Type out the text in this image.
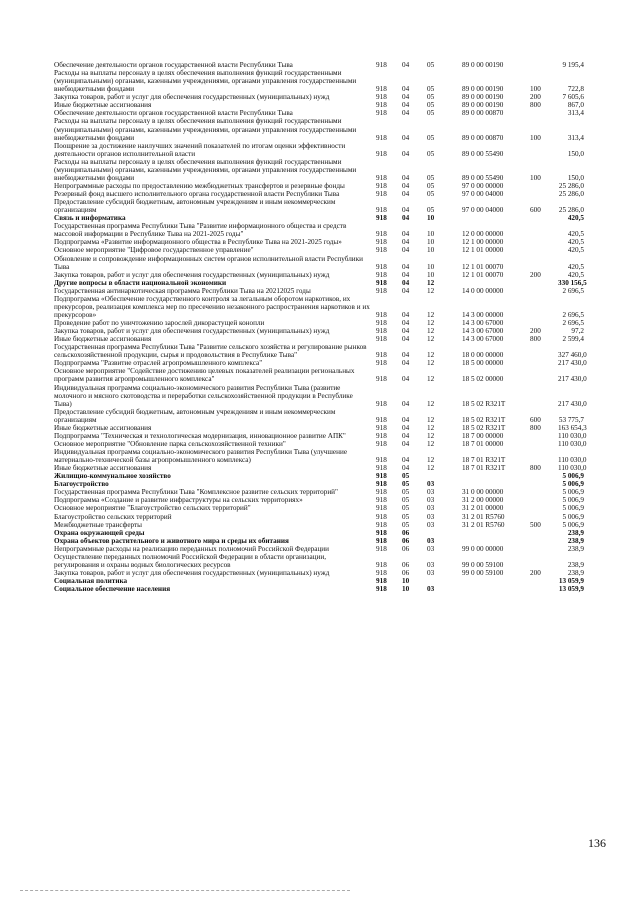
Обеспечение деятельности органов государственной власти Республики Тыва	918	04	05	89 0 00 00190	9 195,4
Расходы на выплаты персоналу в целях обеспечения выполнения функций государственными (муниципальными) органами, казенными учреждениями, органами управления государственными внебюджетными фондами	918	04	05	89 0 00 00190	100	722,8
Закупка товаров, работ и услуг для обеспечения государственных (муниципальных) нужд	918	04	05	89 0 00 00190	200	7 605,6
Иные бюджетные ассигнования	918	04	05	89 0 00 00190	800	867,0
Обеспечение деятельности органов государственной власти Республики Тыва	918	04	05	89 0 00 00870	313,4
Расходы на выплаты персоналу в целях обеспечения выполнения функций государственными (муниципальными) органами, казенными учреждениями, органами управления государственными внебюджетными фондами	918	04	05	89 0 00 00870	100	313,4
Поощрение за достижение наилучших значений показателей по итогам оценки эффективности деятельности органов исполнительной власти	918	04	05	89 0 00 55490	150,0
Расходы на выплаты персоналу в целях обеспечения выполнения функций государственными (муниципальными) органами, казенными учреждениями, органами управления государственными внебюджетными фондами	918	04	05	89 0 00 55490	100	150,0
Непрограммные расходы по предоставлению межбюджетных трансфертов и резервные фонды	918	04	05	97 0 00 00000	25 286,0
Резервный фонд высшего исполнительного органа государственной власти Республики Тыва	918	04	05	97 0 00 04000	25 286,0
Предоставление субсидий бюджетным, автономным учреждениям и иным некоммерческим организациям	918	04	05	97 0 00 04000	600	25 286,0
Связь и информатика	918	04	10	420,5
Государственная программа Республики Тыва "Развитие информационного общества и средств массовой информации в Республике Тыва на 2021-2025 годы"	918	04	10	12 0 00 00000	420,5
Подпрограмма «Развитие информационного общества в Республике Тыва на 2021-2025 годы»	918	04	10	12 1 00 00000	420,5
Основное мероприятие "Цифровое государственное управление"	918	04	10	12 1 01 00000	420,5
Обновление и сопровождение информационных систем органов исполнительной власти Республики Тыва	918	04	10	12 1 01 00070	420,5
Закупка товаров, работ и услуг для обеспечения государственных (муниципальных) нужд	918	04	10	12 1 01 00070	200	420,5
Другие вопросы в области национальной экономики	918	04	12	330 156,5
Государственная антинаркотическая программа Республики Тыва на 20212025 годы	918	04	12	14 0 00 00000	2 696,5
Подпрограмма «Обеспечение государственного контроля за легальным оборотом наркотиков, их прекурсоров, реализация комплекса мер по пресечению незаконного распространения наркотиков и их прекурсоров»	918	04	12	14 3 00 00000	2 696,5
Проведение работ по уничтожению зарослей дикорастущей конопли	918	04	12	14 3 00 67000	2 696,5
Закупка товаров, работ и услуг для обеспечения государственных (муниципальных) нужд	918	04	12	14 3 00 67000	200	97,2
Иные бюджетные ассигнования	918	04	12	14 3 00 67000	800	2 599,4
Государственная программа Республики Тыва "Развитие сельского хозяйства и регулирование рынков сельскохозяйственной продукции, сырья и продовольствия в Республике Тыва"	918	04	12	18 0 00 00000	327 460,0
Подпрограмма "Развитие отраслей агропромышленного комплекса"	918	04	12	18 5 00 00000	217 430,0
Основное мероприятие "Содействие достижению целевых показателей реализации региональных программ развития агропромышленного комплекса"	918	04	12	18 5 02 00000	217 430,0
Индивидуальная программа социально-экономического развития Республики Тыва (развитие молочного и мясного скотоводства и переработки сельскохозяйственной продукции в Республике Тыва)	918	04	12	18 5 02 R321T	217 430,0
Предоставление субсидий бюджетным, автономным учреждениям и иным некоммерческим организациям	918	04	12	18 5 02 R321T	600	53 775,7
Иные бюджетные ассигнования	918	04	12	18 5 02 R321T	800	163 654,3
Подпрограмма "Техническая и технологическая модернизация, инновационное развитие АПК"	918	04	12	18 7 00 00000	110 030,0
Основное мероприятие "Обновление парка сельскохозяйственной техники"	918	04	12	18 7 01 00000	110 030,0
Индивидуальная программа социально-экономического развития Республики Тыва (улучшение материально-технической базы агропромышленного комплекса)	918	04	12	18 7 01 R321T	110 030,0
Иные бюджетные ассигнования	918	04	12	18 7 01 R321T	800	110 030,0
Жилищно-коммунальное хозяйство	918	05	5 006,9
Благоустройство	918	05	03	5 006,9
Государственная программа Республики Тыва "Комплексное развитие сельских территорий"	918	05	03	31 0 00 00000	5 006,9
Подпрограмма «Создание и развитие инфраструктуры на сельских территориях»	918	05	03	31 2 00 00000	5 006,9
Основное мероприятие "Благоустройство сельских территорий"	918	05	03	31 2 01 00000	5 006,9
Благоустройство сельских территорий	918	05	03	31 2 01 R5760	5 006,9
Межбюджетные трансферты	918	05	03	31 2 01 R5760	500	5 006,9
Охрана окружающей среды	918	06	238,9
Охрана объектов растительного и животного мира и среды их обитания	918	06	03	238,9
Непрограммные расходы на реализацию переданных полномочий Российской Федерации	918	06	03	99 0 00 00000	238,9
Осуществление переданных полномочий Российской Федерации в области организации, регулирования и охраны водных биологических ресурсов	918	06	03	99 0 00 59100	238,9
Закупка товаров, работ и услуг для обеспечения государственных (муниципальных) нужд	918	06	03	99 0 00 59100	200	238,9
Социальная политика	918	10	13 059,9
Социальное обеспечение населения	918	10	03	13 059,9
136
